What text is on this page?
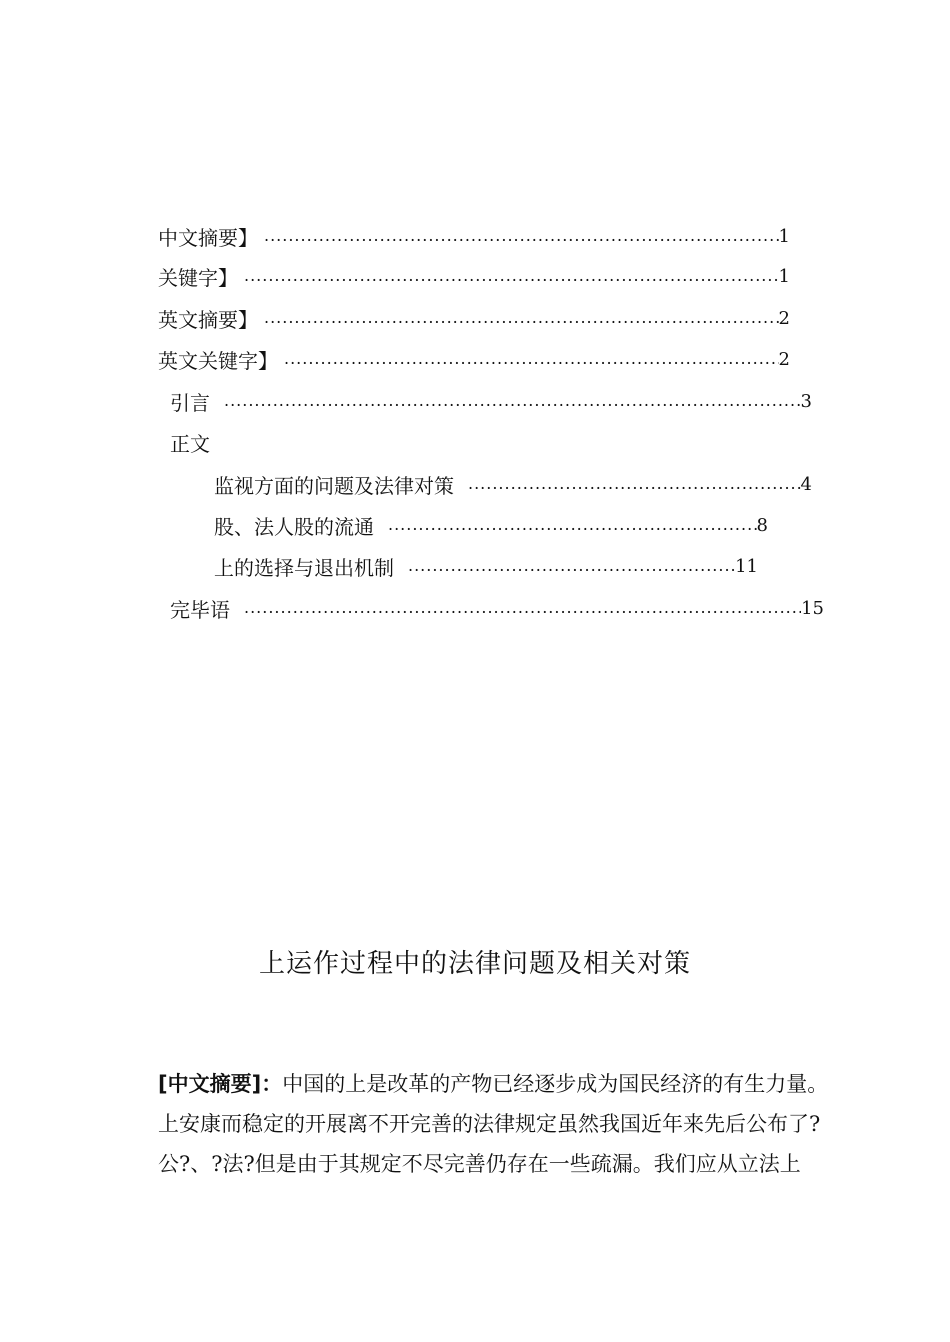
中文摘要】 .....	1
关键字】 .....	1
英文摘要】 .....	2
英文关键字】 .....	2
引言 .....	3
正文
监视方面的问题及法律对策 .....	4
股、法人股的流通 .....	8
上的选择与退出机制 .....	11
完毕语 .....	15
上运作过程中的法律问题及相关对策
[中文摘要]：中国的上是改革的产物已经逐步成为国民经济的有生力量。
上安康而稳定的开展离不开完善的法律规定虽然我国近年来先后公布了?
公?、?法?但是由于其规定不尽完善仍存在一些疏漏。我们应从立法上
